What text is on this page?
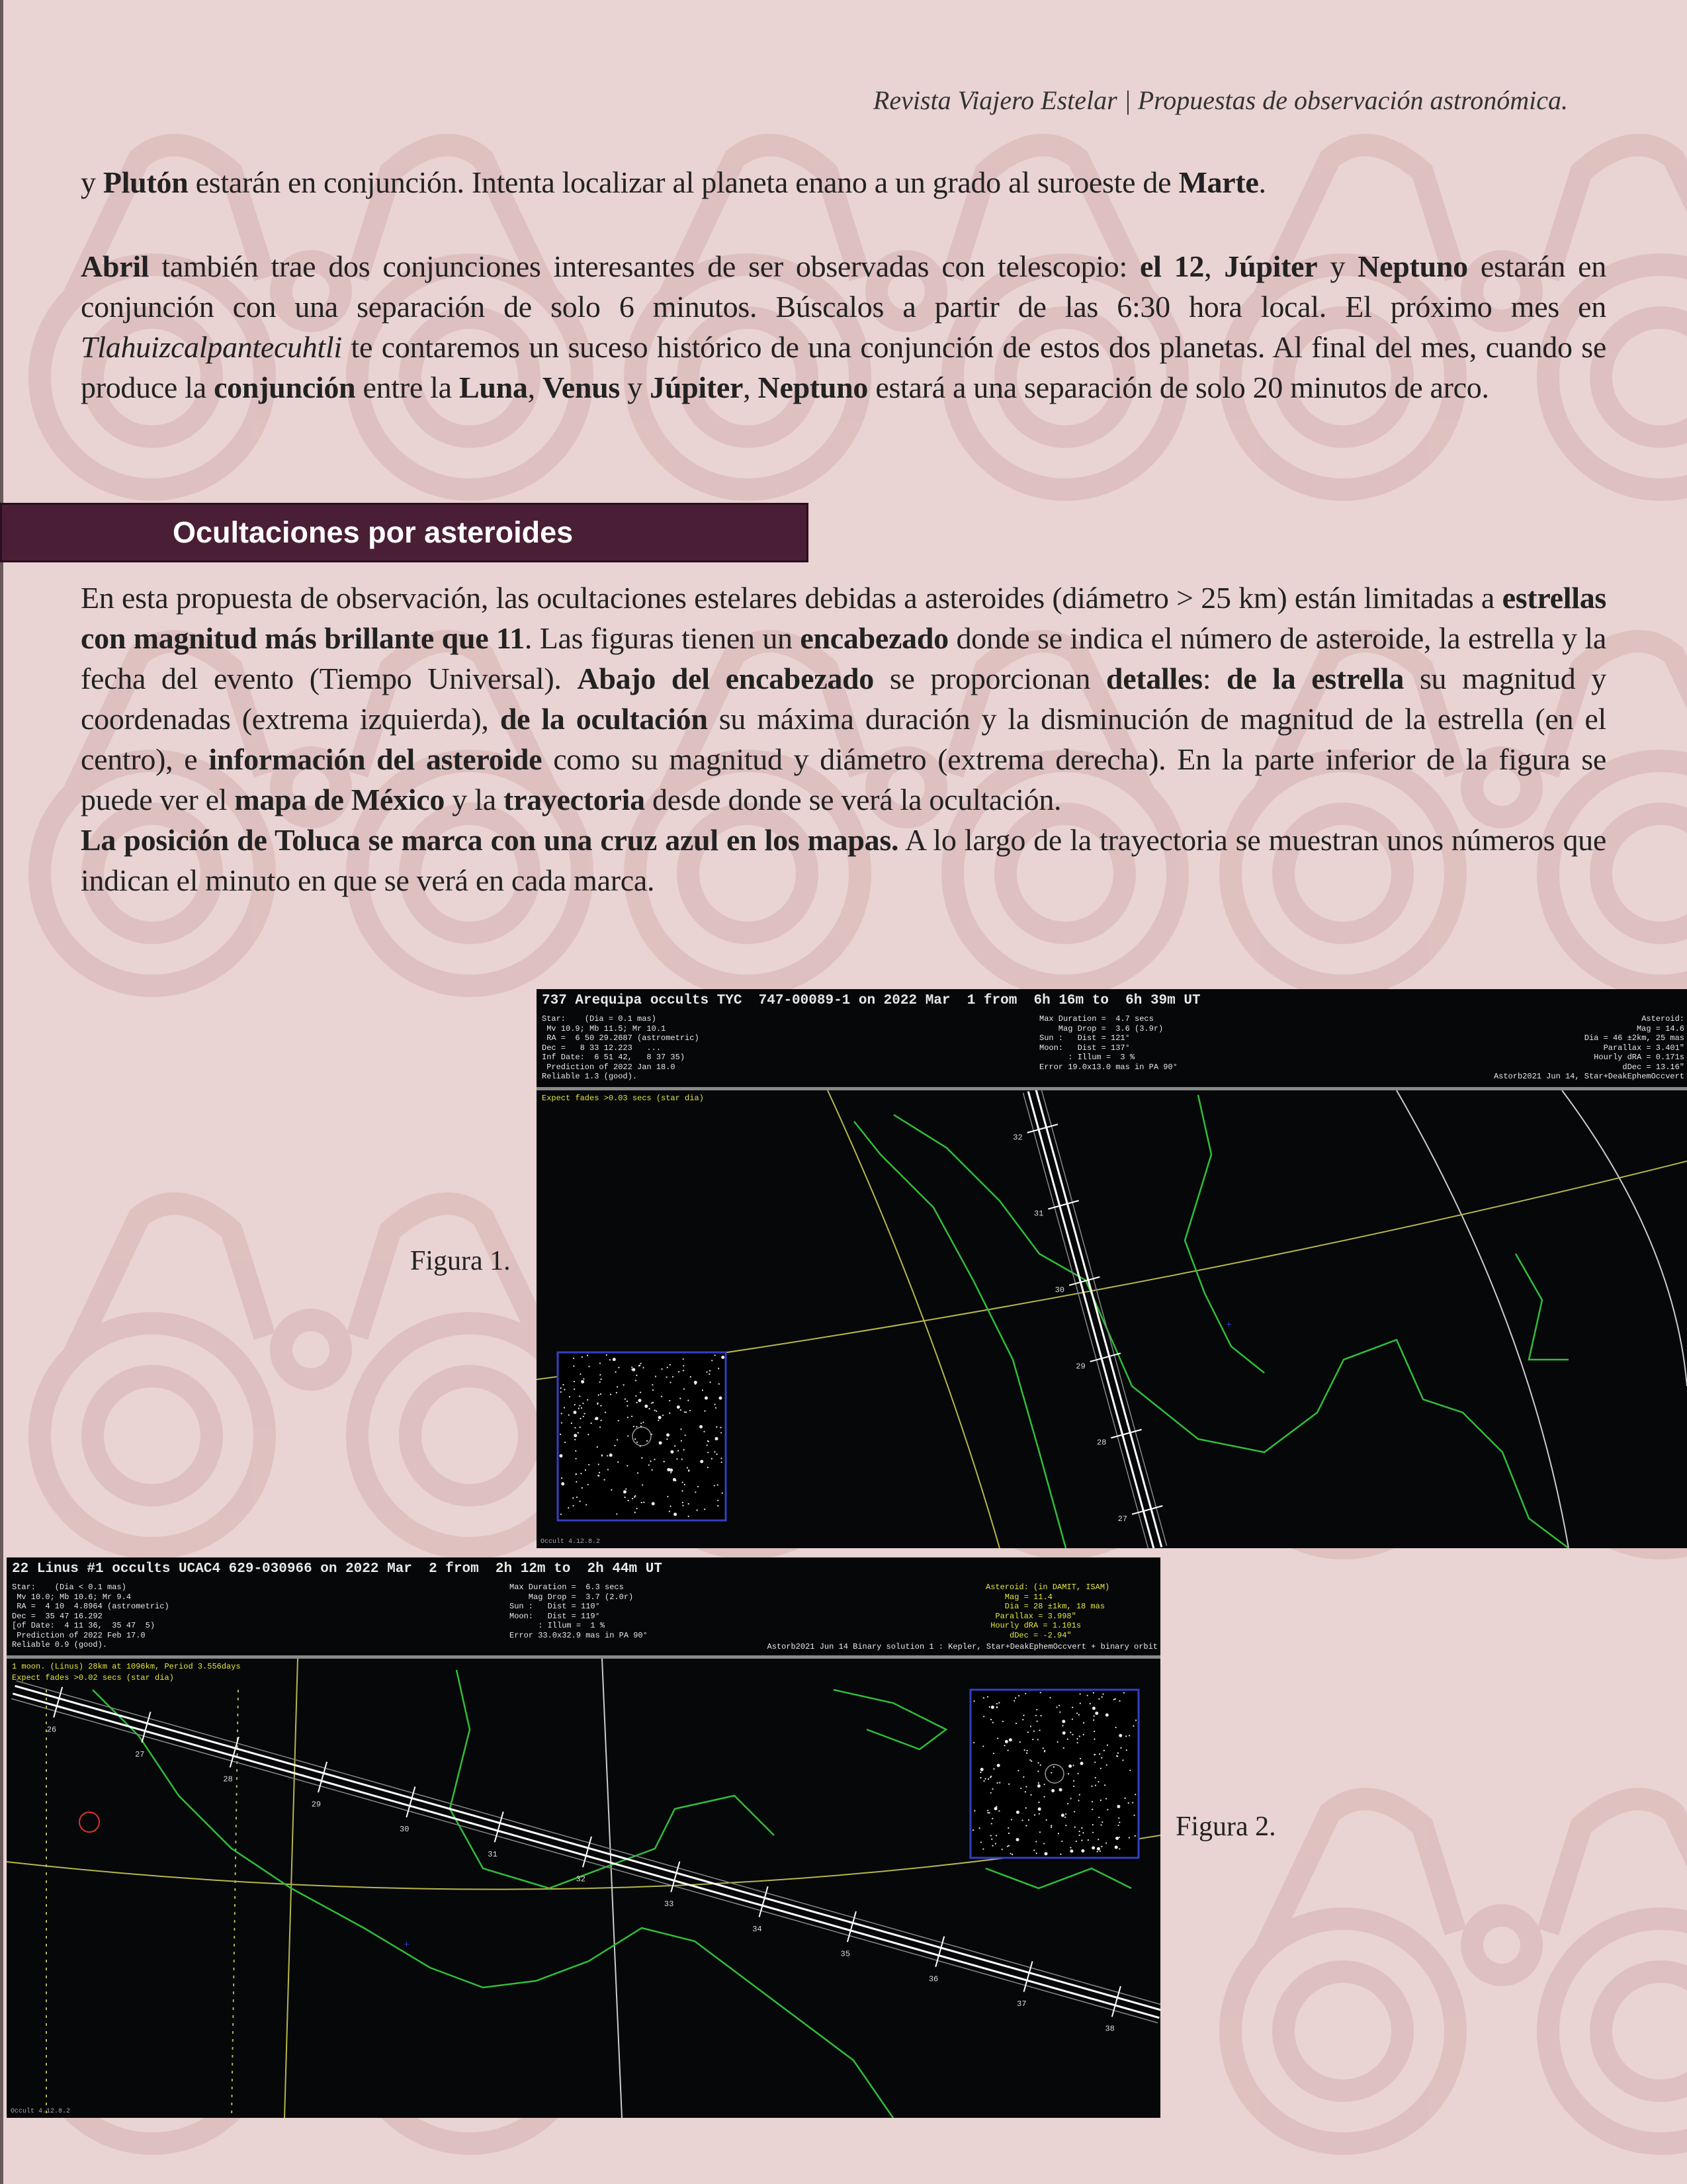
Revista Viajero Estelar | Propuestas de observación astronómica.

y Plutón estarán en conjunción. Intenta localizar al planeta enano a un grado al suroeste de Marte.

Abril también trae dos conjunciones interesantes de ser observadas con telescopio: el 12, Júpiter y Neptuno estarán en conjunción con una separación de solo 6 minutos. Búscalos a partir de las 6:30 hora local. El próximo mes en Tlahuizcalpantecuhtli te contaremos un suceso histórico de una conjunción de estos dos planetas. Al final del mes, cuando se produce la conjunción entre la Luna, Venus y Júpiter, Neptuno estará a una separación de solo 20 minutos de arco.

Ocultaciones por asteroides

En esta propuesta de observación, las ocultaciones estelares debidas a asteroides (diámetro > 25 km) están limitadas a estrellas con magnitud más brillante que 11. Las figuras tienen un encabezado donde se indica el número de asteroide, la estrella y la fecha del evento (Tiempo Universal). Abajo del encabezado se proporcionan detalles: de la estrella su magnitud y coordenadas (extrema izquierda), de la ocultación su máxima duración y la disminución de magnitud de la estrella (en el centro), e información del asteroide como su magnitud y diámetro (extrema derecha). En la parte inferior de la figura se puede ver el mapa de México y la trayectoria desde donde se verá la ocultación.

La posición de Toluca se marca con una cruz azul en los mapas. A lo largo de la trayectoria se muestran unos números que indican el minuto en que se verá en cada marca.

Figura 1.
737 Arequipa occults TYC  747-00089-1 on 2022 Mar  1 from  6h 16m to  6h 39m UT
Star:    (Dia = 0.1 mas)
Mv 10.9; Mb 11.5; Mr 10.1
RA =  6 50 29.2687 (astrometric)
Dec =   8 33 12.223   ...
Inf Date:  6 51 42,   8 37 35)
Prediction of 2022 Jan 18.0
Reliable 1.3 (good).
Max Duration =  4.7 secs
Mag Drop =  3.6 (3.9r)
Sun :   Dist = 121°
Moon:   Dist = 137°
: Illum =  3 %
Error 19.0x13.0 mas in PA 90°
Asteroid:
Mag = 14.6
Dia = 46 ±2km, 25 mas
Parallax = 3.401"
Hourly dRA = 0.171s
dDec = 13.16"
Astorb2021 Jun 14, Star+DeakEphemOccvert
Expect fades >0.03 secs (star dia)
Occult 4.12.8.2
+
32
31
30
29
28
27
22 Linus #1 occults UCAC4 629-030966 on 2022 Mar  2 from  2h 12m to  2h 44m UT
Star:    (Dia < 0.1 mas)
Mv 10.0; Mb 10.6; Mr 9.4
RA =  4 10  4.8964 (astrometric)
Dec =  35 47 16.292
[of Date:  4 11 36,  35 47  5)
Prediction of 2022 Feb 17.0
Reliable 0.9 (good).
Max Duration =  6.3 secs
Mag Drop =  3.7 (2.0r)
Sun :   Dist = 110°
Moon:   Dist = 119°
: Illum =  1 %
Error 33.0x32.9 mas in PA 90°
Asteroid: (in DAMIT, ISAM)
Mag = 11.4
Dia = 28 ±1km, 18 mas
Parallax = 3.998"
Hourly dRA = 1.101s
dDec = -2.94"
Astorb2021 Jun 14 Binary solution 1 : Kepler, Star+DeakEphemOccvert + binary orbit
1 moon. (Linus) 28km at 1096km, Period 3.556days
Expect fades >0.02 secs (star dia)
Occult 4.12.8.2
+
26
27
28
29
30
31
32
33
34
35
36
37
38
Figura 2.
